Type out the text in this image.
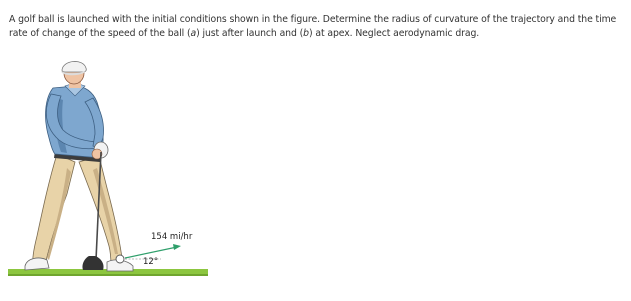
A golf ball is launched with the initial conditions shown in the figure. Determine the radius of curvature of the trajectory and the time

rate of change of the speed of the ball (a) just after launch and (b) at apex. Neglect aerodynamic drag.

154 mi/hr
12°
